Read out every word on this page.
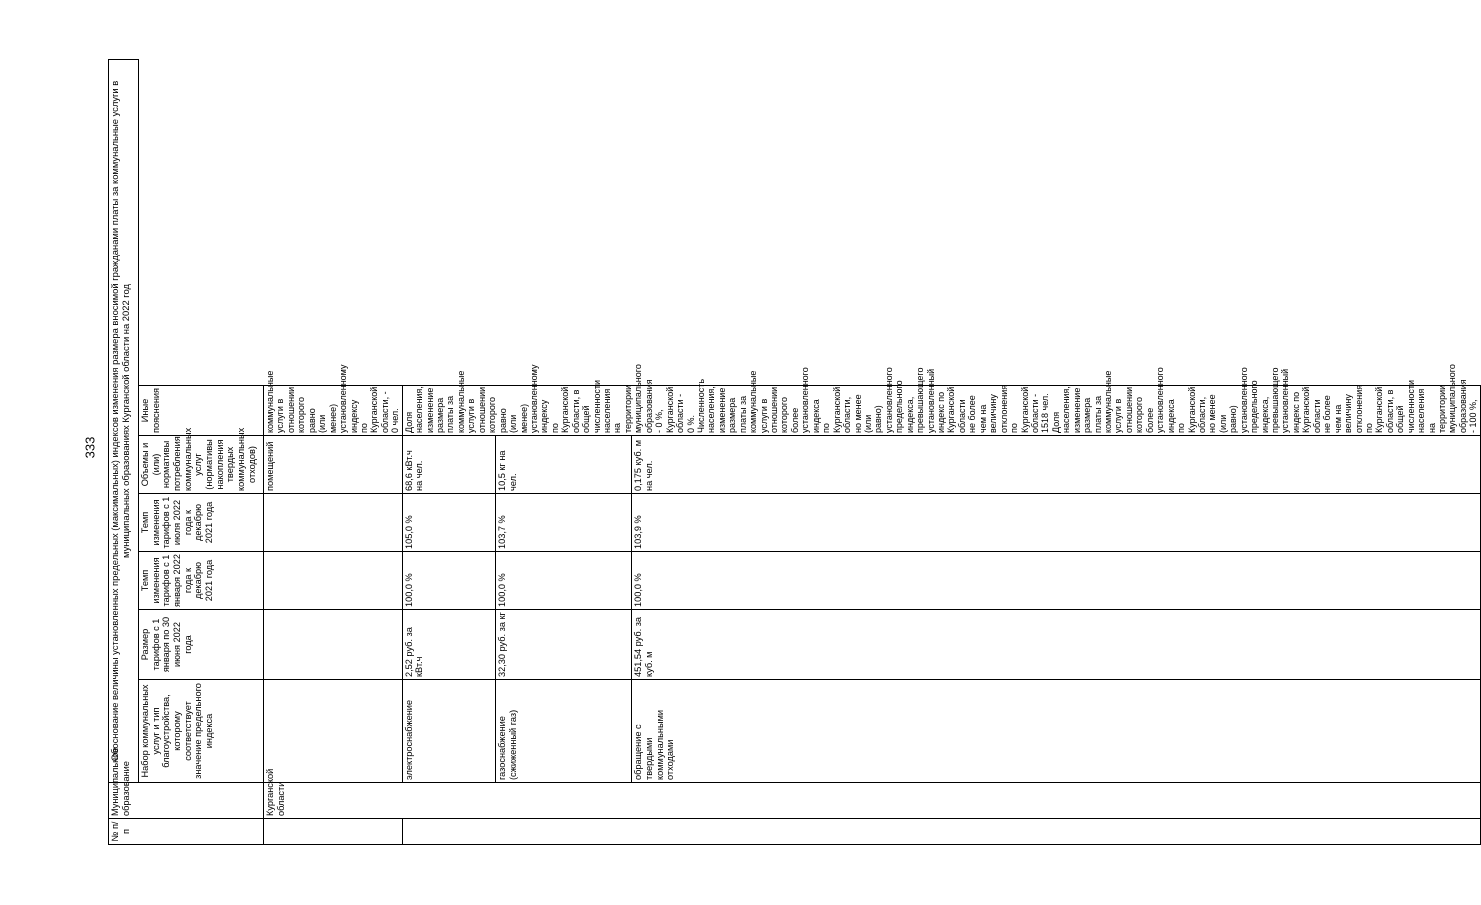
333
№ п/п	Муниципальное образование	Обоснование величины установленных предельных (максимальных) индексов изменения размера вносимой гражданами платы за коммунальные услуги в муниципальных образованиях Курганской области на 2022 год					
		Набор коммунальных услуг и тип благоустройства, которому соответствует значение предельного индекса	Размер тарифов с 1 января по 30 июня 2022 года	Темп изменения тарифов с 1 января 2022 года к декабрю 2021 года	Темп изменения тарифов с 1 июля 2022 года к декабрю 2021 года	Объемы и (или) нормативы потребления коммунальных услуг (нормативы накопления твердых коммунальных отходов)	Иные пояснения
	Курганской области					помещений	коммунальные услуги в отношении которого равно (или менее) установленному индексу по Курганской области, - 0 чел.
		электроснабжение	2,52 руб. за кВт.ч	100,0 %	105,0 %	68,6 кВт.ч на чел.	Доля населения, изменение размера платы за коммунальные услуги в отношении которого равно (или менее) установленному индексу по Курганской области, в общей численности населения на территории муниципального образования - 0 %, Курганской области - 0 %. Численность населения, изменение размера платы за коммунальные услуги в отношении которого более установленного индекса по Курганской области, но менее (или равно) установленного предельного индекса, превышающего установленный индекс по Курганской области не более чем на величину отклонения по Курганской области - 1518 чел. Доля населения, изменение размера платы за коммунальные услуги в отношении которого более установленного индекса по Курганской области, но менее (или равно) установленного предельного индекса, превышающего установленный индекс по Курганской области не более чем на величину отклонения по Курганской области, в общей численности населения на территории муниципального образования - 100 %,
		газоснабжение (сжиженный газ)	32,30 руб. за кг	100,0 %	103,7 %	10,5 кг на чел.	
		обращение с твердыми коммунальными отходами	451,54 руб. за куб. м	100,0 %	103,9 %	0,175 куб. м на чел.	
